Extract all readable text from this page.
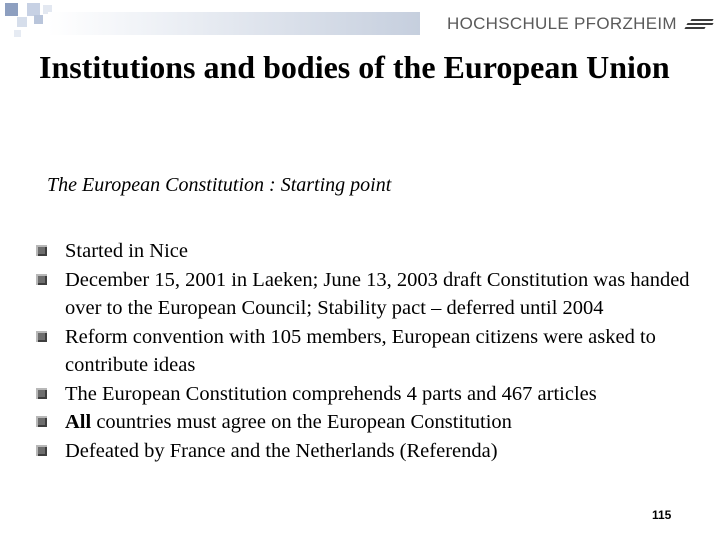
HOCHSCHULE PFORZHEIM
Institutions and bodies of the European Union

The European Constitution : Starting point

Started in Nice
December 15, 2001 in Laeken; June 13, 2003 draft Constitution was handed over to the European Council; Stability pact – deferred until 2004
Reform convention with 105 members, European citizens were asked to contribute ideas
The European Constitution comprehends 4 parts and 467 articles
All countries must agree on the European Constitution
Defeated by France and the Netherlands (Referenda)
115
